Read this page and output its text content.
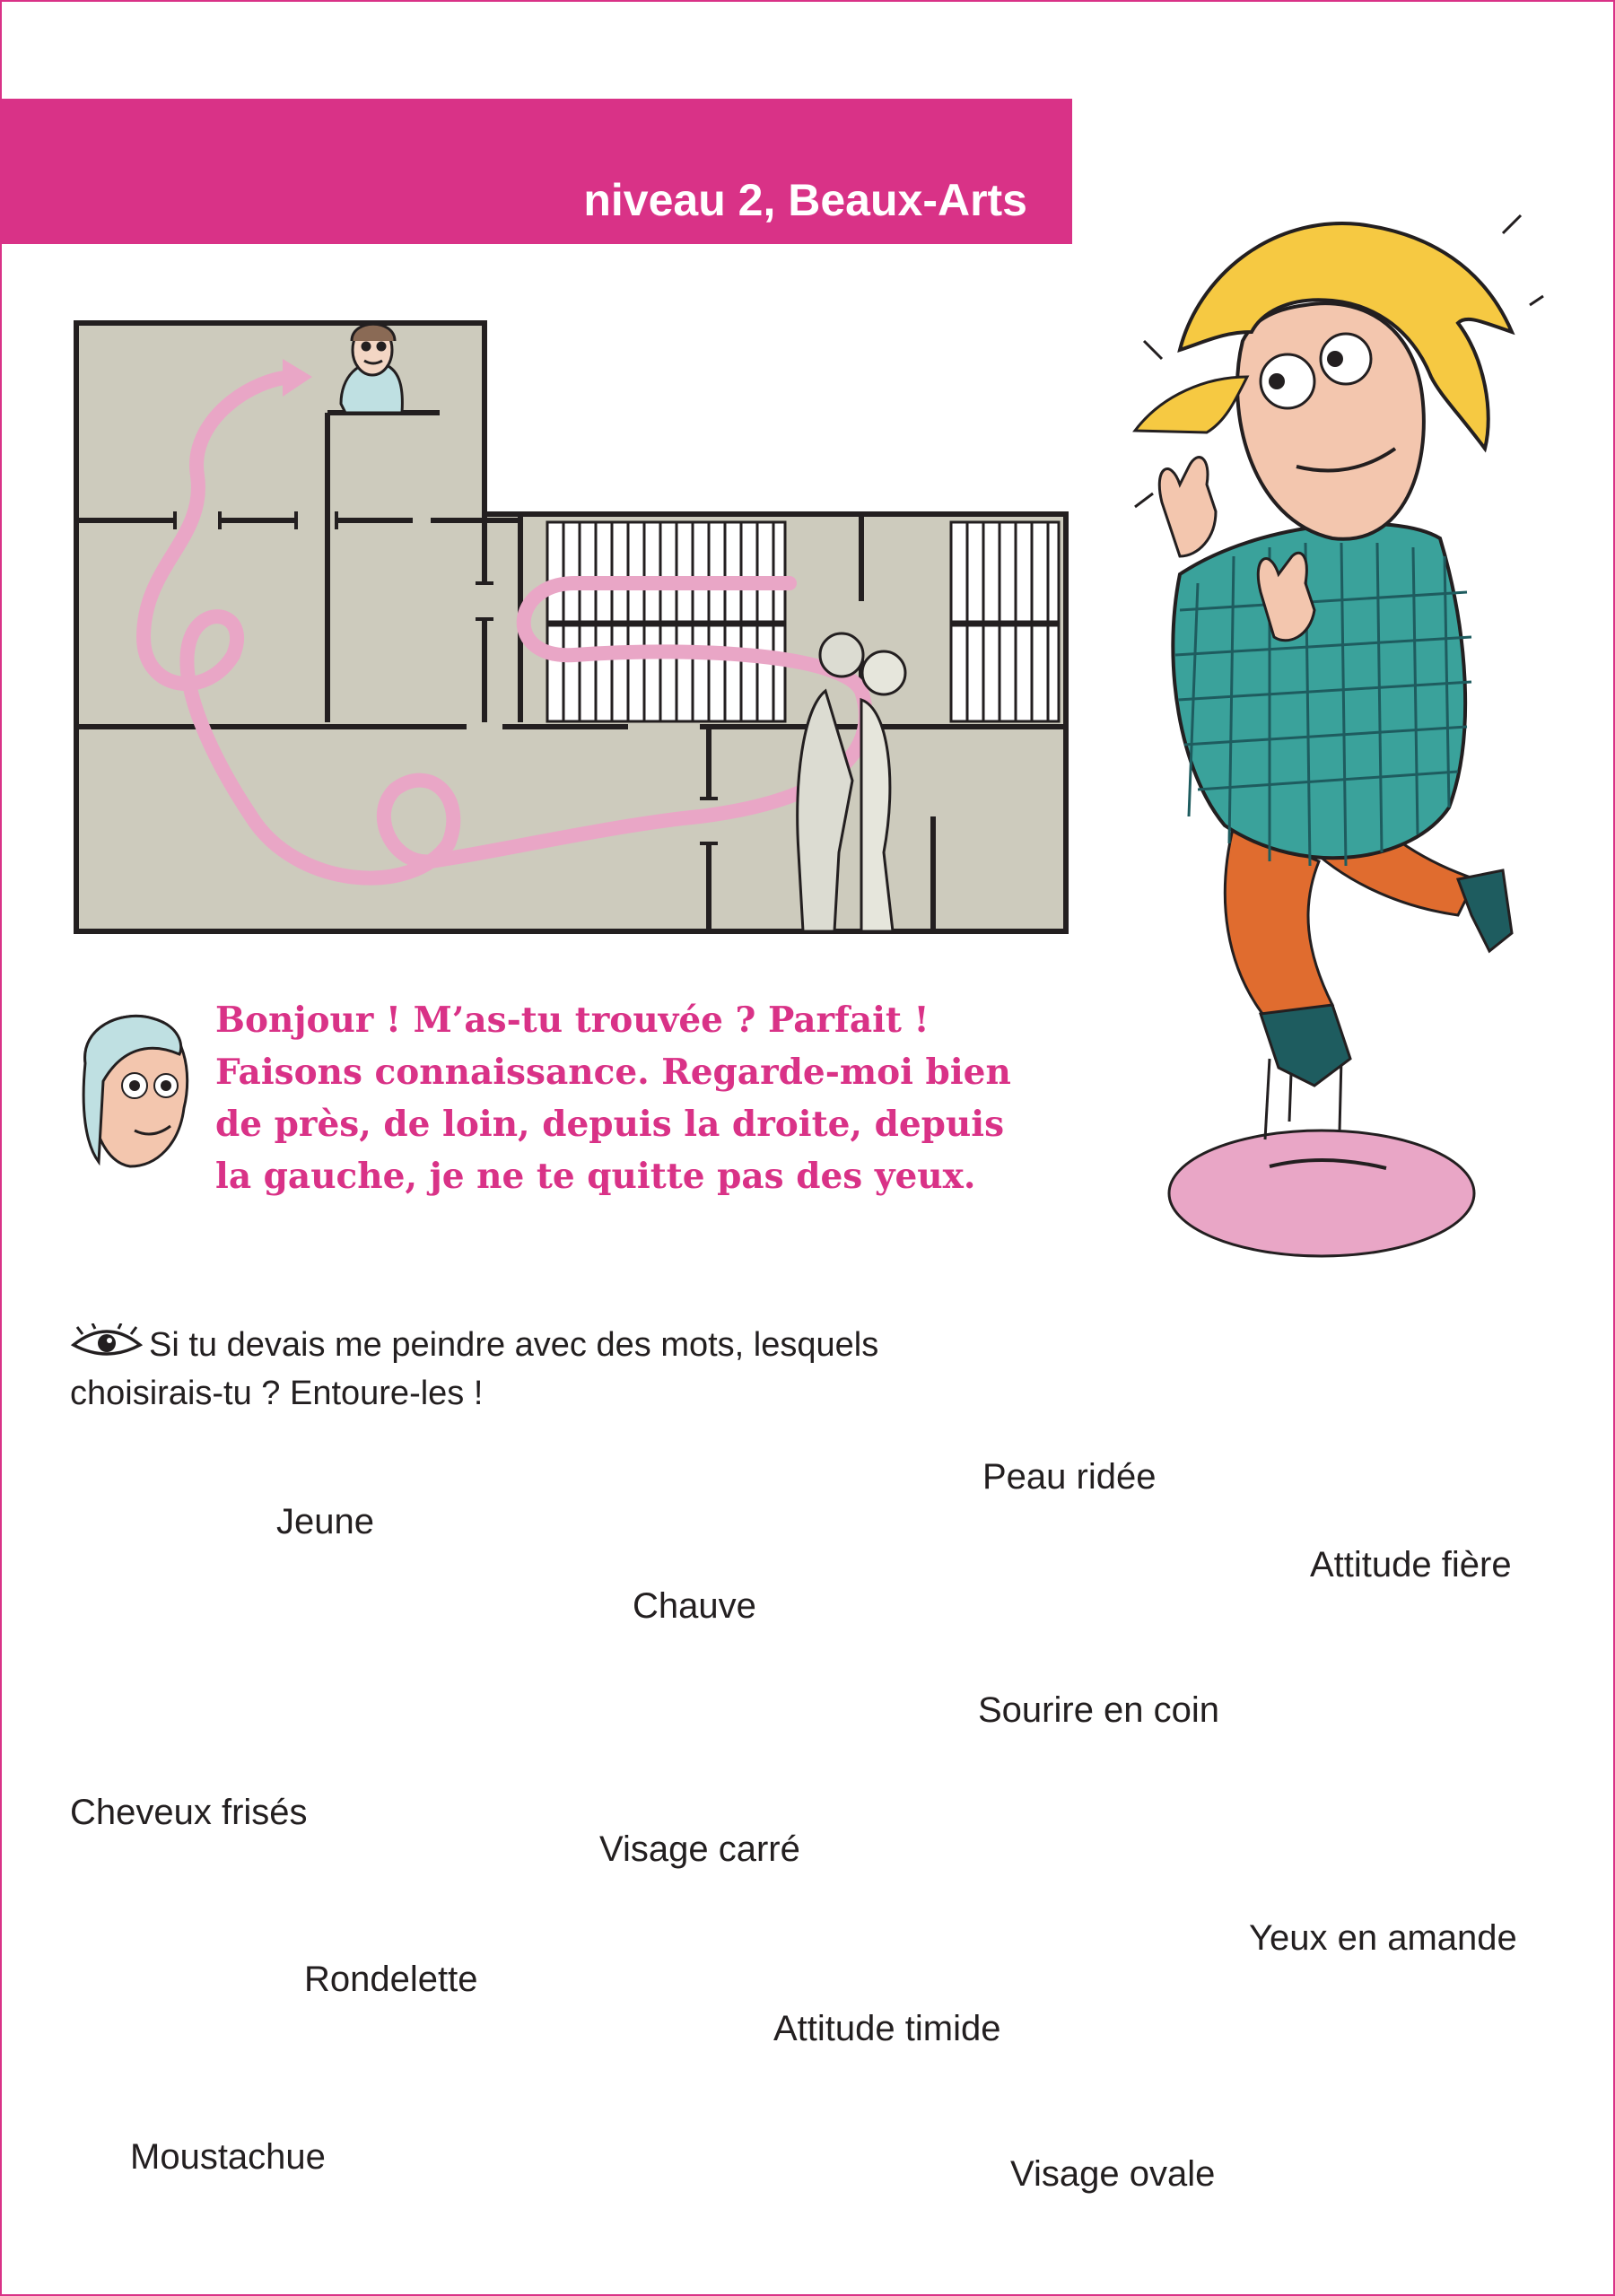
niveau 2, Beaux-Arts
Bonjour ! M’as-tu trouvée ? Parfait !
Faisons connaissance. Regarde-moi bien
de près, de loin, depuis la droite, depuis
la gauche, je ne te quitte pas des yeux.
Si tu devais me peindre avec des mots, lesquels
choisirais-tu ? Entoure-les !
Peau ridée
Jeune
Attitude fière
Chauve
Sourire en coin
Cheveux frisés
Visage carré
Yeux en amande
Rondelette
Attitude timide
Moustachue	Visage ovale
